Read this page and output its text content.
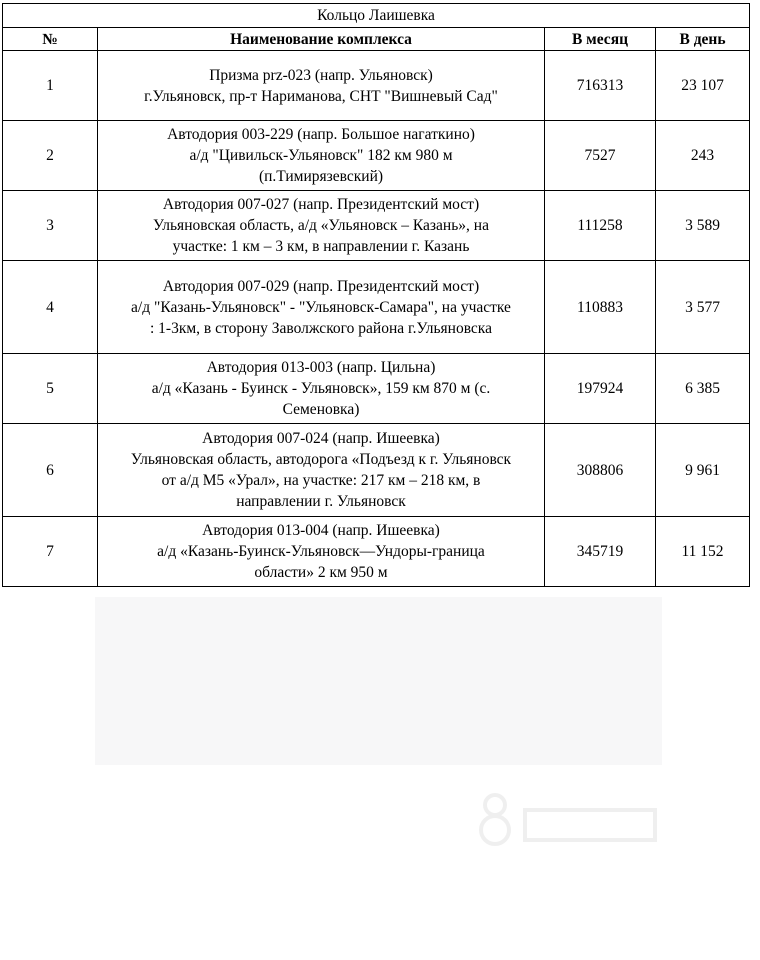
Кольцо Лаишевка			
№	Наименование комплекса	В месяц	В день
1	Призма prz-023 (напр. Ульяновск)
г.Ульяновск, пр-т Нариманова, СНТ "Вишневый Сад"	716313	23 107
2	Автодория 003-229 (напр. Большое нагаткино)
а/д "Цивильск-Ульяновск" 182 км 980 м
(п.Тимирязевский)	7527	243
3	Автодория 007-027 (напр. Президентский мост)
Ульяновская область, а/д «Ульяновск – Казань», на
участке: 1 км – 3 км, в направлении г. Казань	111258	3 589
4	Автодория 007-029 (напр. Президентский мост)
а/д "Казань-Ульяновск" - "Ульяновск-Самара", на участке
: 1-3км, в сторону Заволжского района г.Ульяновска	110883	3 577
5	Автодория 013-003 (напр. Цильна)
а/д «Казань - Буинск - Ульяновск», 159 км 870 м (с.
Семеновка)	197924	6 385
6	Автодория 007-024 (напр. Ишеевка)
Ульяновская область, автодорога «Подъезд к г. Ульяновск
от а/д М5 «Урал», на участке: 217 км – 218 км, в
направлении г. Ульяновск	308806	9 961
7	Автодория 013-004 (напр. Ишеевка)
а/д «Казань-Буинск-Ульяновск—Ундоры-граница
области» 2 км 950 м	345719	11 152
